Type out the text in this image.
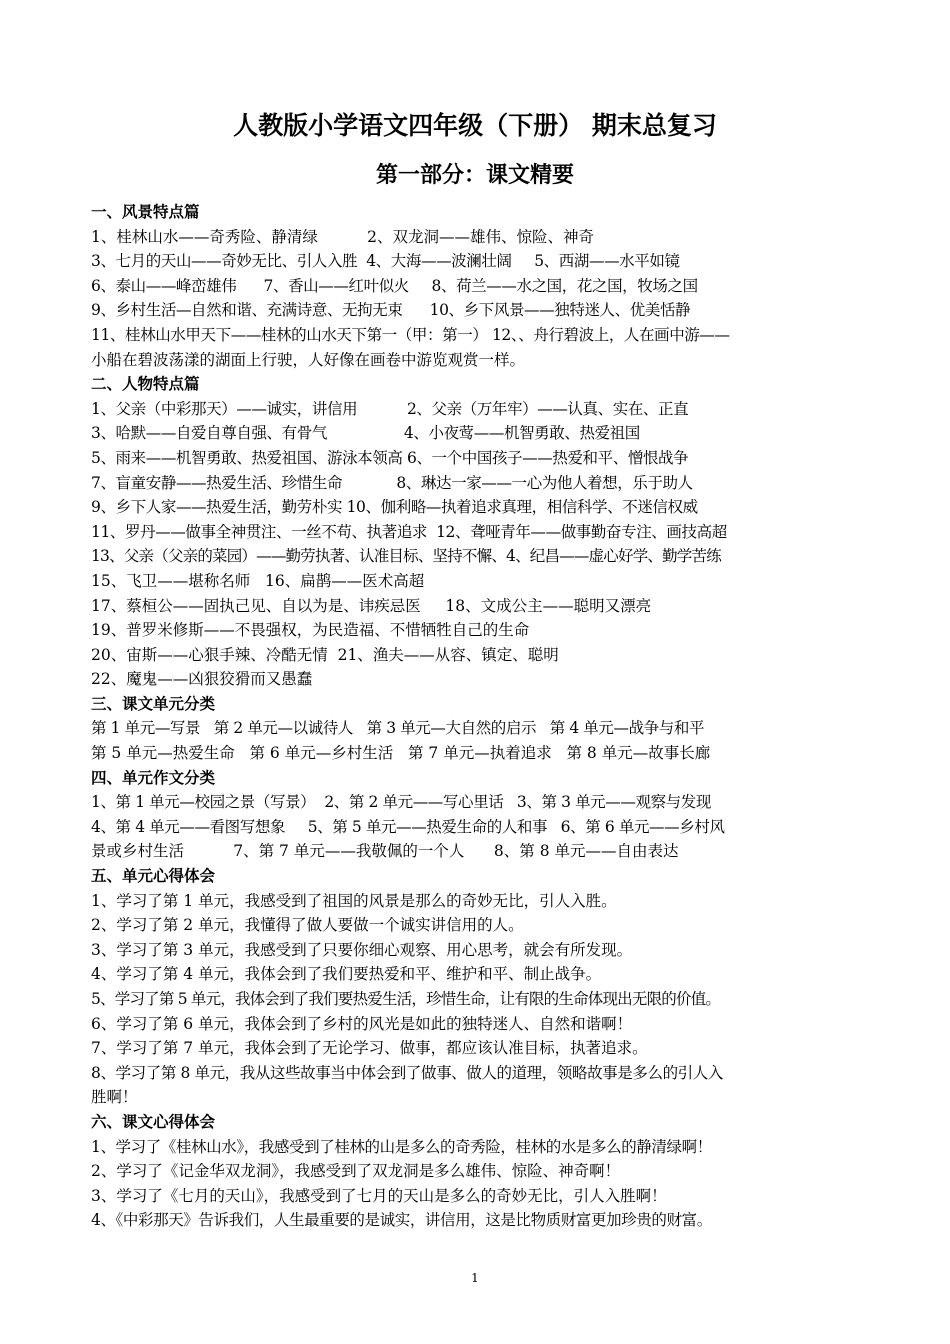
人教版小学语文四年级（下册） 期末总复习
第一部分：课文精要
一、风景特点篇
1、桂林山水——奇秀险、静清绿          2、双龙洞——雄伟、惊险、神奇
3、七月的天山——奇妙无比、引人入胜  4、大海——波澜壮阔     5、西湖——水平如镜
6、泰山——峰峦雄伟      7、香山——红叶似火     8、荷兰——水之国，花之国，牧场之国
9、乡村生活—自然和谐、充满诗意、无拘无束      10、乡下风景——独特迷人、优美恬静
11、桂林山水甲天下——桂林的山水天下第一（甲：第一） 12、、舟行碧波上，人在画中游——
小船在碧波荡漾的湖面上行驶，人好像在画卷中游览观赏一样。
二、人物特点篇
1、父亲（中彩那天）——诚实，讲信用           2、父亲（万年牢）——认真、实在、正直
3、哈默——自爱自尊自强、有骨气                 4、小夜莺——机智勇敢、热爱祖国
5、雨来——机智勇敢、热爱祖国、游泳本领高 6、一个中国孩子——热爱和平、憎恨战争
7、盲童安静——热爱生活、珍惜生命            8、琳达一家——一心为他人着想，乐于助人
9、乡下人家——热爱生活，勤劳朴实 10、伽利略—执着追求真理，相信科学、不迷信权威
11、罗丹——做事全神贯注、一丝不苟、执著追求  12、聋哑青年——做事勤奋专注、画技高超
13、父亲（父亲的菜园）——勤劳执著、认准目标、坚持不懈、4、纪昌——虚心好学、勤学苦练
15、飞卫——堪称名师   16、扁鹊——医术高超
17、蔡桓公——固执己见、自以为是、讳疾忌医     18、文成公主——聪明又漂亮
19、普罗米修斯——不畏强权，为民造福、不惜牺牲自己的生命
20、宙斯——心狠手辣、冷酷无情  21、渔夫——从容、镇定、聪明
22、魔鬼——凶狠狡猾而又愚蠢
三、课文单元分类
第 1 单元—写景   第 2 单元—以诚待人   第 3 单元—大自然的启示   第 4 单元—战争与和平
第 5 单元—热爱生命   第 6 单元—乡村生活   第 7 单元—执着追求   第 8 单元—故事长廊
四、单元作文分类
1、第 1 单元—校园之景（写景）  2、第 2 单元——写心里话   3、第 3 单元——观察与发现
4、第 4 单元——看图写想象     5、第 5 单元——热爱生命的人和事   6、第 6 单元——乡村风
景或乡村生活          7、第 7 单元——我敬佩的一个人      8、第 8 单元——自由表达
五、单元心得体会
1、学习了第 1 单元，我感受到了祖国的风景是那么的奇妙无比，引人入胜。
2、学习了第 2 单元，我懂得了做人要做一个诚实讲信用的人。
3、学习了第 3 单元，我感受到了只要你细心观察、用心思考，就会有所发现。
4、学习了第 4 单元，我体会到了我们要热爱和平、维护和平、制止战争。
5、学习了第 5 单元，我体会到了我们要热爱生活，珍惜生命，让有限的生命体现出无限的价值。
6、学习了第 6 单元，我体会到了乡村的风光是如此的独特迷人、自然和谐啊！
7、学习了第 7 单元，我体会到了无论学习、做事，都应该认准目标，执著追求。
8、学习了第 8 单元，我从这些故事当中体会到了做事、做人的道理，领略故事是多么的引人入
胜啊！
六、课文心得体会
1、学习了《桂林山水》，我感受到了桂林的山是多么的奇秀险，桂林的水是多么的静清绿啊！
2、学习了《记金华双龙洞》，我感受到了双龙洞是多么雄伟、惊险、神奇啊！
3、学习了《七月的天山》，我感受到了七月的天山是多么的奇妙无比，引人入胜啊！
4、《中彩那天》告诉我们，人生最重要的是诚实，讲信用，这是比物质财富更加珍贵的财富。
1
